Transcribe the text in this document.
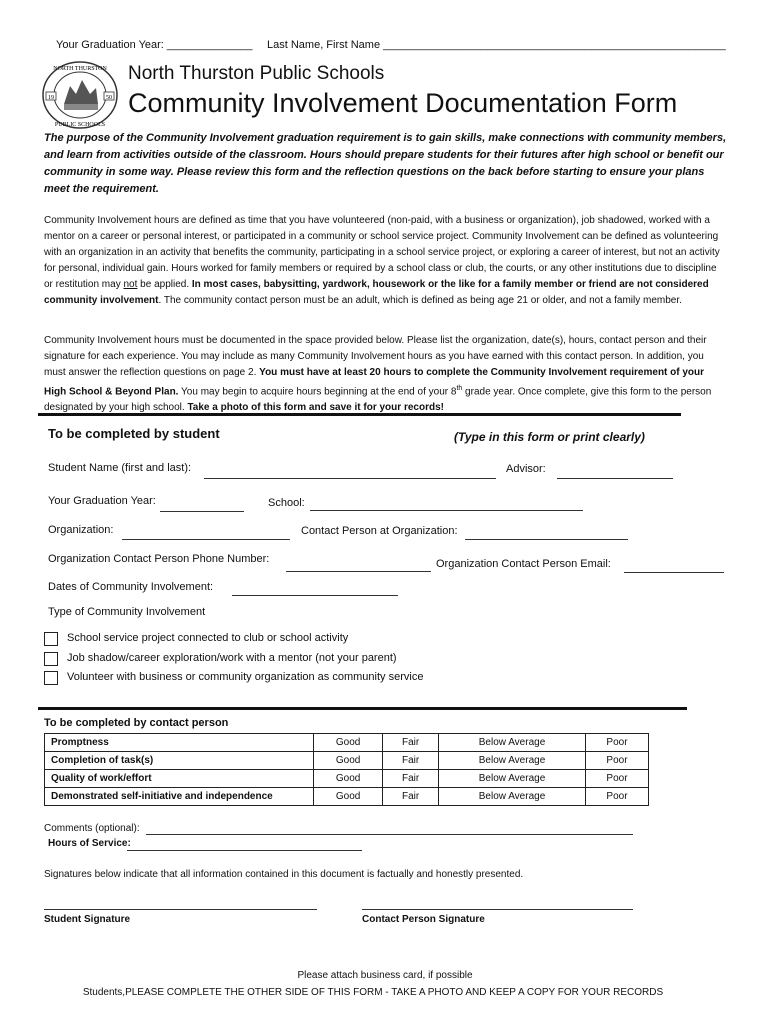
Your Graduation Year: ______________ Last Name, First Name ________________________________________________________
19	50
NORTH THURSTON
PUBLIC SCHOOLS
North Thurston Public Schools
Community Involvement Documentation Form
The purpose of the Community Involvement graduation requirement is to gain skills, make connections with community members, and learn from activities outside of the classroom. Hours should prepare students for their futures after high school or benefit our community in some way. Please review this form and the reflection questions on the back before starting to ensure your plans meet the requirement.
Community Involvement hours are defined as time that you have volunteered (non-paid, with a business or organization), job shadowed, worked with a mentor on a career or personal interest, or participated in a community or school service project. Community Involvement can be defined as volunteering with an organization in an activity that benefits the community, participating in a school service project, or exploring a career of interest, but not an activity for personal, individual gain. Hours worked for family members or required by a school class or club, the courts, or any other institutions due to discipline or restitution may not be applied. In most cases, babysitting, yardwork, housework or the like for a family member or friend are not considered community involvement. The community contact person must be an adult, which is defined as being age 21 or older, and not a family member.
Community Involvement hours must be documented in the space provided below. Please list the organization, date(s), hours, contact person and their signature for each experience. You may include as many Community Involvement hours as you have earned with this contact person. In addition, you must answer the reflection questions on page 2. You must have at least 20 hours to complete the Community Involvement requirement of your High School & Beyond Plan. You may begin to acquire hours beginning at the end of your 8th grade year. Once complete, give this form to the person designated by your high school. Take a photo of this form and save it for your records!
To be completed by student	(Type in this form or print clearly)
Student Name (first and last):	Advisor:
Your Graduation Year:	School:
Organization:	Contact Person at Organization:
Organization Contact Person Phone Number:	Organization Contact Person Email:
Dates of Community Involvement:
Type of Community Involvement
School service project connected to club or school activity
Job shadow/career exploration/work with a mentor (not your parent)
Volunteer with business or community organization as community service
To be completed by contact person
Promptness	Good	Fair	Below Average	Poor
Completion of task(s)	Good	Fair	Below Average	Poor
Quality of work/effort	Good	Fair	Below Average	Poor
Demonstrated self-initiative and independence	Good	Fair	Below Average	Poor
Comments (optional):
Hours of Service:
Signatures below indicate that all information contained in this document is factually and honestly presented.
Student Signature	Contact Person Signature
Please attach business card, if possible
Students,PLEASE COMPLETE THE OTHER SIDE OF THIS FORM - TAKE A PHOTO AND KEEP A COPY FOR YOUR RECORDS
